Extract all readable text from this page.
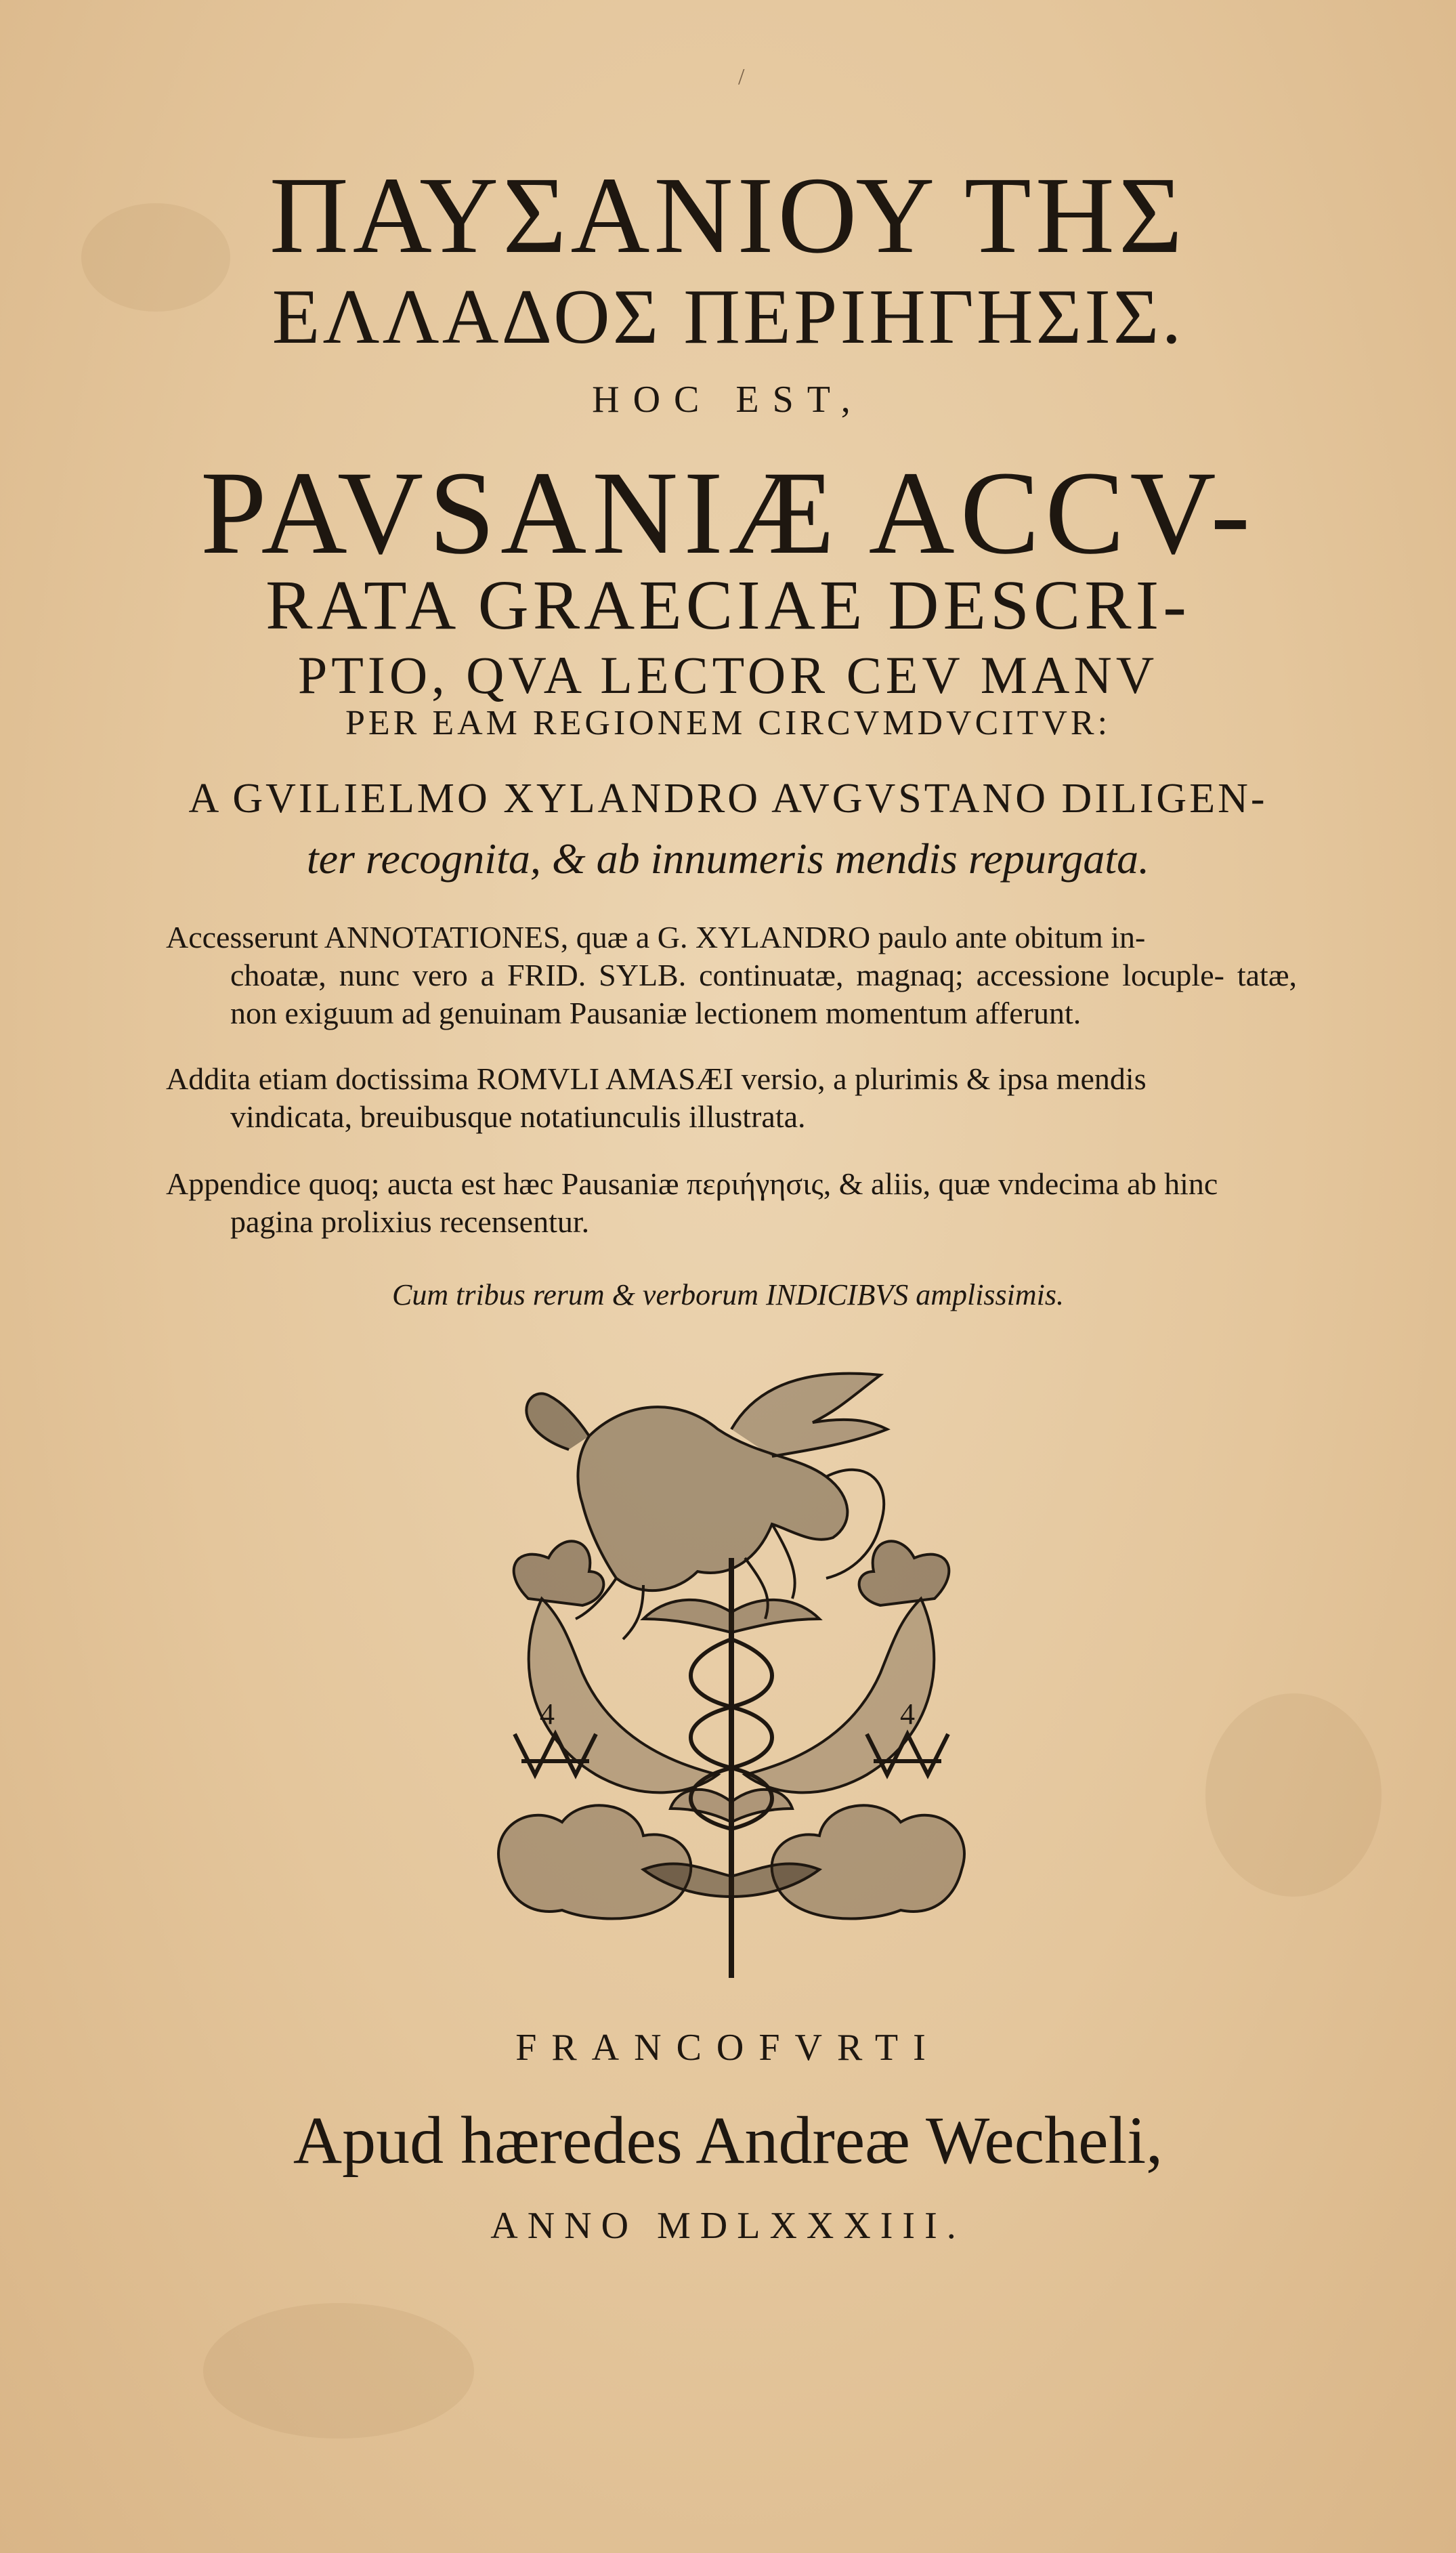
/
ΠΑΥΣΑΝΙΟΥ ΤΗΣ
ΕΛΛΑΔΟΣ ΠΕΡΙΗΓΗΣΙΣ.
HOC EST,
PAVSANIÆ ACCV-
RATA GRAECIAE DESCRI-
PTIO, QVA LECTOR CEV MANV
PER EAM REGIONEM CIRCVMDVCITVR:
A GVILIELMO XYLANDRO AVGVSTANO DILIGEN-
ter recognita, & ab innumeris mendis repurgata.
Accesserunt ANNOTATIONES, quæ a G. XYLANDRO paulo ante obitum in-
choatæ, nunc vero a FRID. SYLB. continuatæ, magnaq; accessione locuple- tatæ, non exiguum ad genuinam Pausaniæ lectionem momentum afferunt.
Addita etiam doctissima ROMVLI AMASÆI versio, a plurimis & ipsa mendis
vindicata, breuibusque notatiunculis illustrata.
Appendice quoq; aucta est hæc Pausaniæ περιήγησις, & aliis, quæ vndecima ab hinc
pagina prolixius recensentur.
Cum tribus rerum & verborum INDICIBVS amplissimis.
4	4
FRANCOFVRTI
Apud hæredes Andreæ Wecheli,
ANNO MDLXXXIII.
